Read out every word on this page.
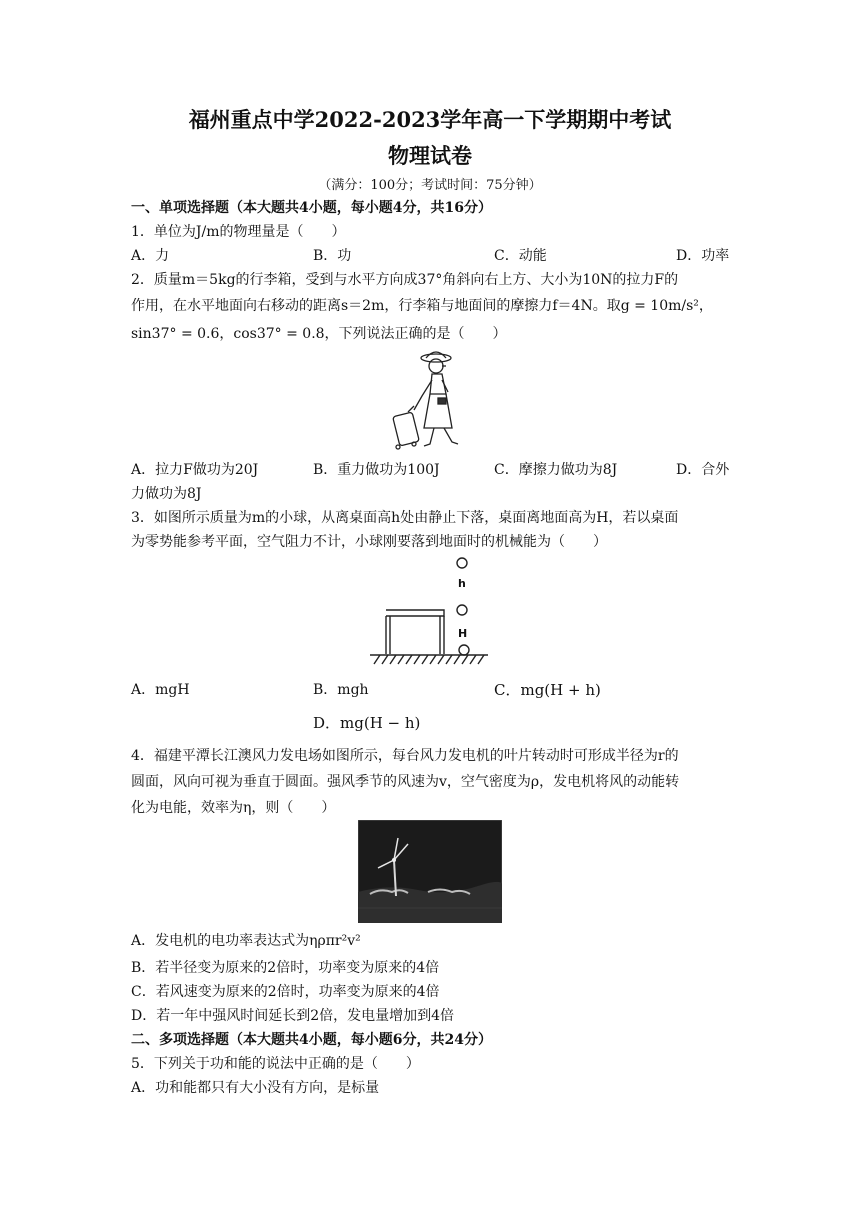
福州重点中学2022-2023学年高一下学期期中考试
物理试卷
（满分：100分；考试时间：75分钟）
一、单项选择题（本大题共4小题，每小题4分，共16分）
1．单位为J/m的物理量是（　　）
A．力	B．功	C．动能	D．功率
2．质量m＝5kg的行李箱，受到与水平方向成37°角斜向右上方、大小为10N的拉力F的
作用，在水平地面向右移动的距离s＝2m，行李箱与地面间的摩擦力f＝4N。取g = 10m/s²，
sin37° = 0.6，cos37° = 0.8，下列说法正确的是（　　）
A．拉力F做功为20J	B．重力做功为100J	C．摩擦力做功为8J	D．合外
力做功为8J
3．如图所示质量为m的小球，从离桌面高h处由静止下落，桌面离地面高为H，若以桌面
为零势能参考平面，空气阻力不计，小球刚要落到地面时的机械能为（　　）
h
H
A．mgH	B．mgh	C．mg(H + h)
D．mg(H − h)
4．福建平潭长江澳风力发电场如图所示，每台风力发电机的叶片转动时可形成半径为r的
圆面，风向可视为垂直于圆面。强风季节的风速为v，空气密度为ρ，发电机将风的动能转
化为电能，效率为η，则（　　）
A．发电机的电功率表达式为ηρπr²v²
B．若半径变为原来的2倍时，功率变为原来的4倍
C．若风速变为原来的2倍时，功率变为原来的4倍
D．若一年中强风时间延长到2倍，发电量增加到4倍
二、多项选择题（本大题共4小题，每小题6分，共24分）
5．下列关于功和能的说法中正确的是（　　）
A．功和能都只有大小没有方向，是标量
